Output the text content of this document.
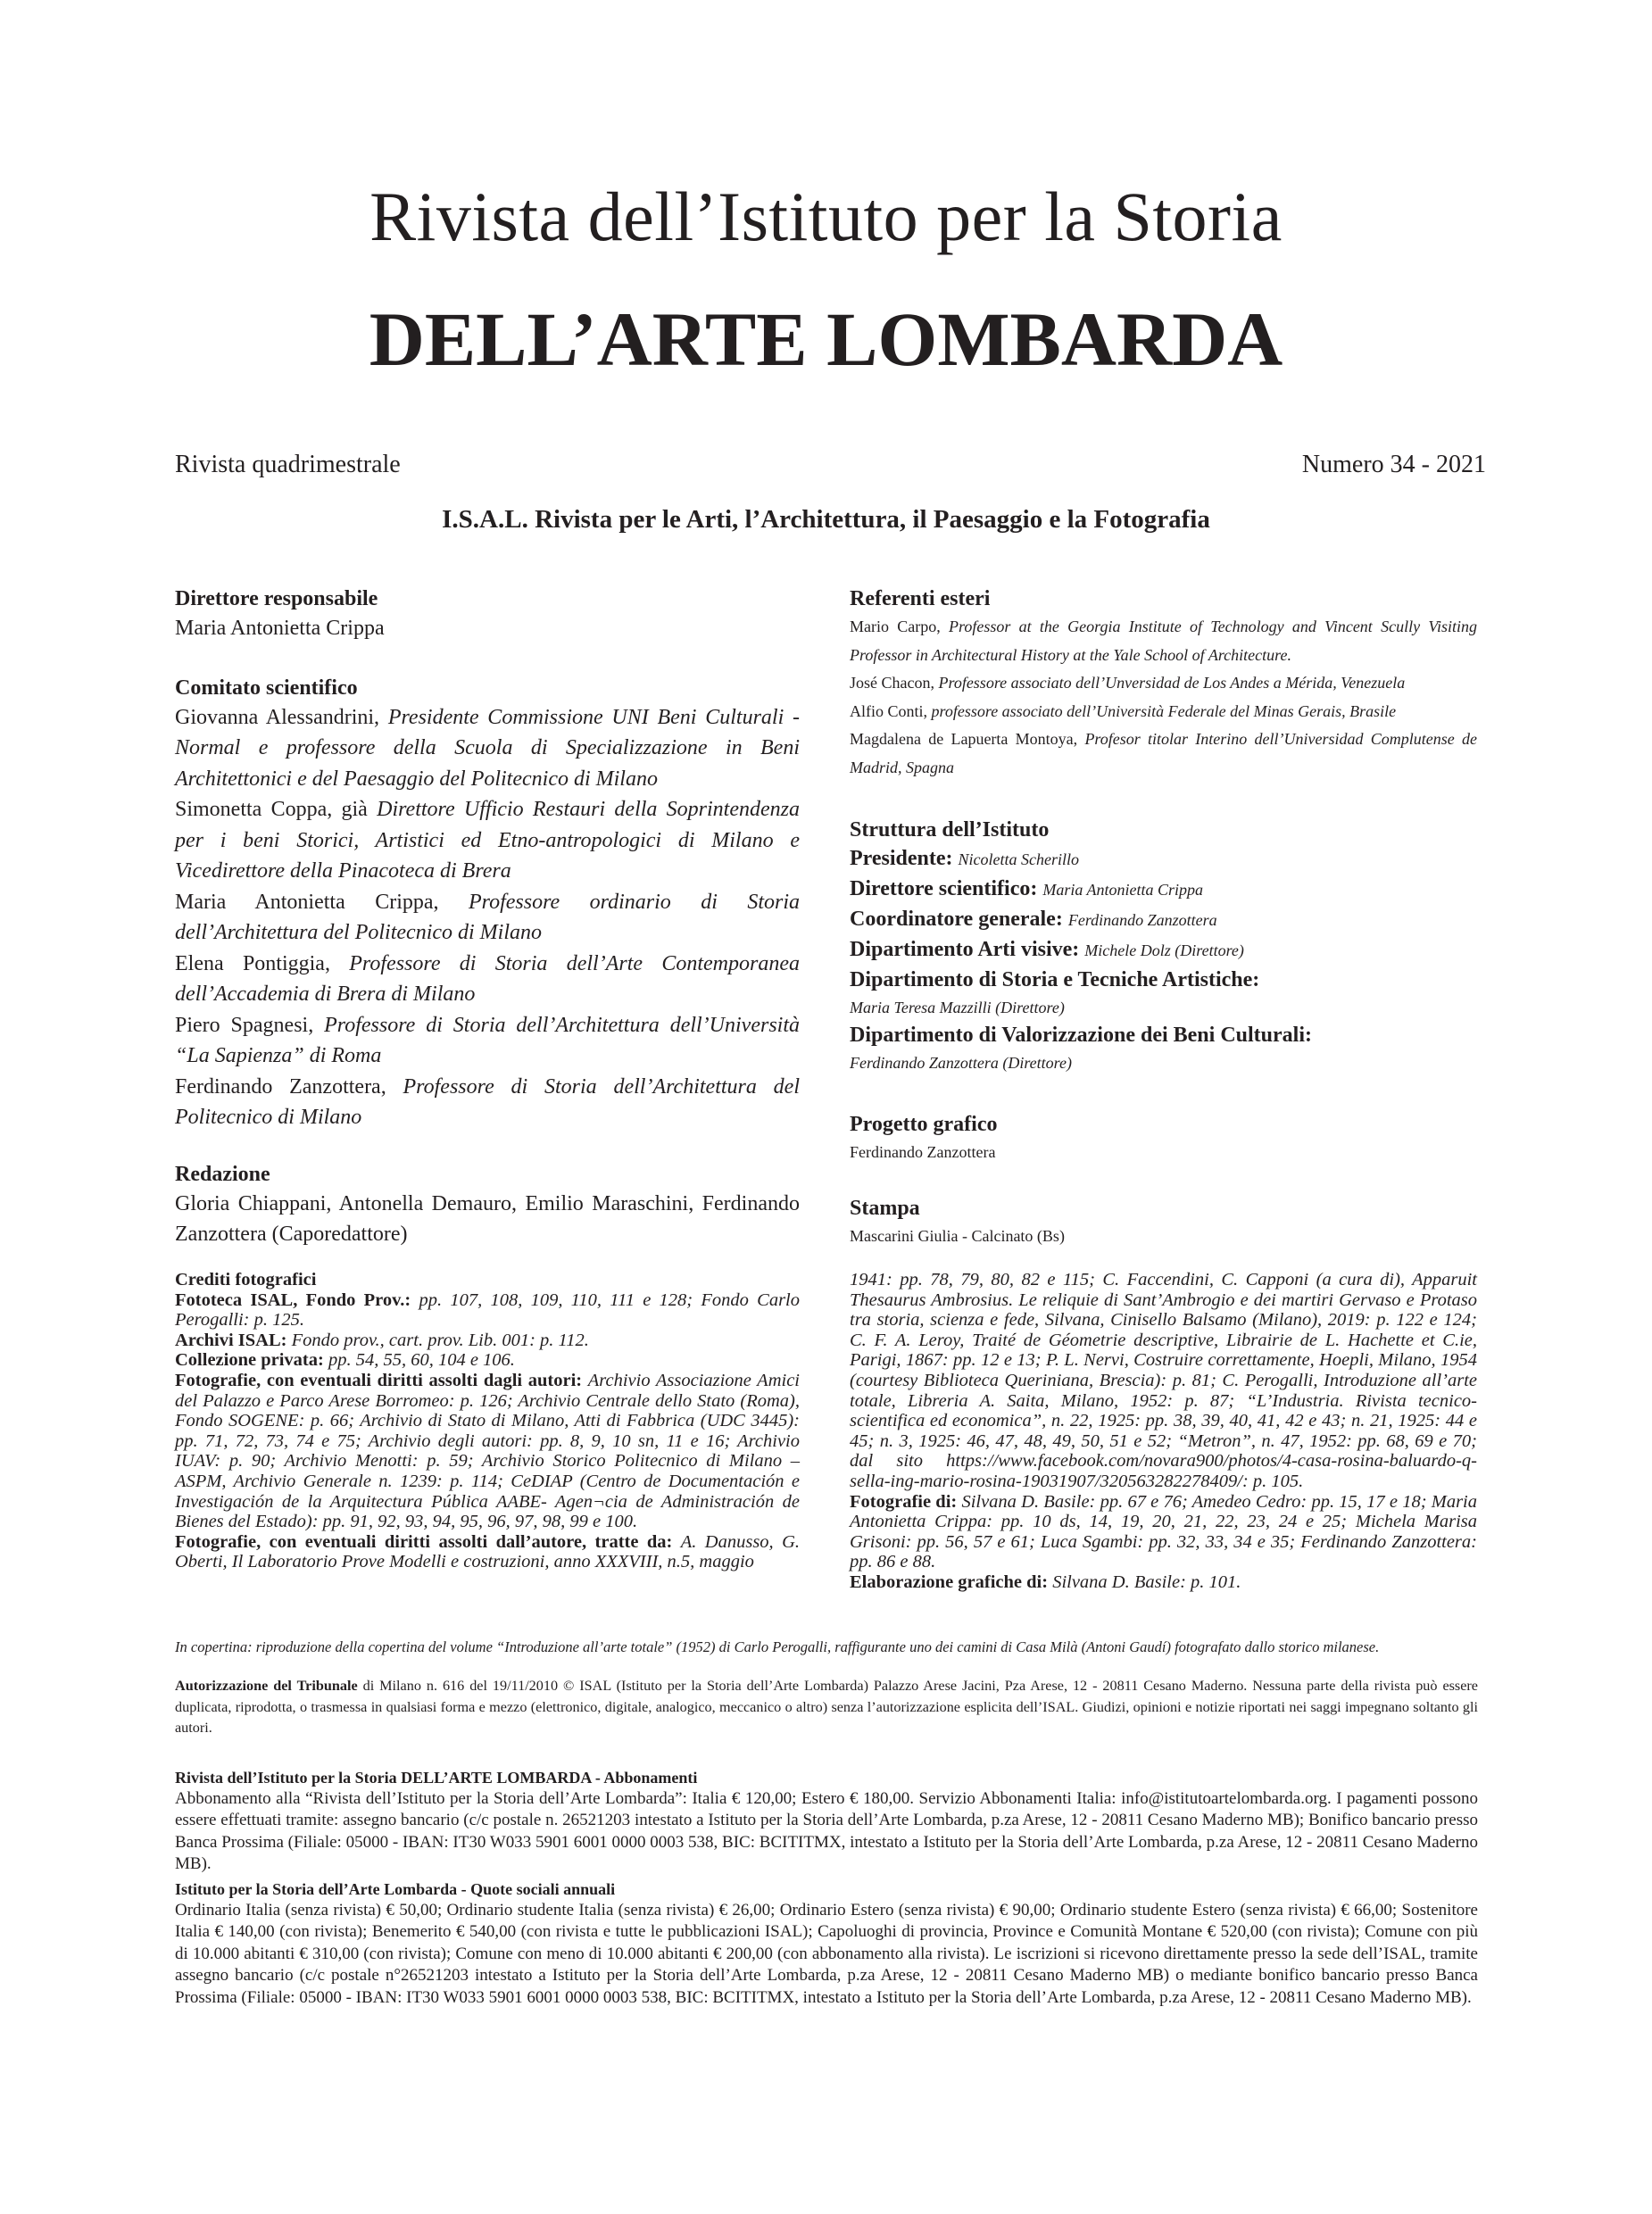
Rivista dell’Istituto per la Storia
DELL’ARTE LOMBARDA
Rivista quadrimestrale	Numero 34 - 2021
I.S.A.L. Rivista per le Arti, l’Architettura, il Paesaggio e la Fotografia
Direttore responsabile
Maria Antonietta Crippa
Comitato scientifico

Giovanna Alessandrini, Presidente Commissione UNI Beni Culturali - Normal e professore della Scuola di Specializzazione in Beni Architettonici e del Paesaggio del Politecnico di Milano

Simonetta Coppa, già Direttore Ufficio Restauri della Soprintendenza per i beni Storici, Artistici ed Etno-antropologici di Milano e Vicedirettore della Pinacoteca di Brera

Maria Antonietta Crippa, Professore ordinario di Storia dell’Architettura del Politecnico di Milano

Elena Pontiggia, Professore di Storia dell’Arte Contemporanea dell’Accademia di Brera di Milano

Piero Spagnesi, Professore di Storia dell’Architettura dell’Università “La Sapienza” di Roma

Ferdinando Zanzottera, Professore di Storia dell’Architettura del Politecnico di Milano

Redazione

Gloria Chiappani, Antonella Demauro, Emilio Maraschini, Ferdinando Zanzottera (Caporedattore)

Referenti esteri

Mario Carpo, Professor at the Georgia Institute of Technology and Vincent Scully Visiting Professor in Architectural History at the Yale School of Architecture.

José Chacon, Professore associato dell’Unversidad de Los Andes a Mérida, Venezuela

Alfio Conti, professore associato dell’Università Federale del Minas Gerais, Brasile

Magdalena de Lapuerta Montoya, Profesor titolar Interino dell’Universidad Complutense de Madrid, Spagna

Struttura dell’Istituto
Presidente: Nicoletta Scherillo
Direttore scientifico: Maria Antonietta Crippa
Coordinatore generale: Ferdinando Zanzottera
Dipartimento Arti visive: Michele Dolz (Direttore)
Dipartimento di Storia e Tecniche Artistiche:
Maria Teresa Mazzilli (Direttore)
Dipartimento di Valorizzazione dei Beni Culturali:
Ferdinando Zanzottera (Direttore)
Progetto grafico
Ferdinando Zanzottera
Stampa
Mascarini Giulia - Calcinato (Bs)
Crediti fotografici

Fototeca ISAL, Fondo Prov.: pp. 107, 108, 109, 110, 111 e 128; Fondo Carlo Perogalli: p. 125.

Archivi ISAL: Fondo prov., cart. prov. Lib. 001: p. 112.

Collezione privata: pp. 54, 55, 60, 104 e 106.

Fotografie, con eventuali diritti assolti dagli autori: Archivio Associazione Amici del Palazzo e Parco Arese Borromeo: p. 126; Archivio Centrale dello Stato (Roma), Fondo SOGENE: p. 66; Archivio di Stato di Milano, Atti di Fabbrica (UDC 3445): pp. 71, 72, 73, 74 e 75; Archivio degli autori: pp. 8, 9, 10 sn, 11 e 16; Archivio IUAV: p. 90; Archivio Menotti: p. 59; Archivio Storico Politecnico di Milano – ASPM, Archivio Generale n. 1239: p. 114; CeDIAP (Centro de Documentación e Investigación de la Arquitectura Pública AABE- Agen¬cia de Administración de Bienes del Estado): pp. 91, 92, 93, 94, 95, 96, 97, 98, 99 e 100.

Fotografie, con eventuali diritti assolti dall’autore, tratte da: A. Danusso, G. Oberti, Il Laboratorio Prove Modelli e costruzioni, anno XXXVIII, n.5, maggio

1941: pp. 78, 79, 80, 82 e 115; C. Faccendini, C. Capponi (a cura di), Apparuit Thesaurus Ambrosius. Le reliquie di Sant’Ambrogio e dei martiri Gervaso e Protaso tra storia, scienza e fede, Silvana, Cinisello Balsamo (Milano), 2019: p. 122 e 124; C. F. A. Leroy, Traité de Géometrie descriptive, Librairie de L. Hachette et C.ie, Parigi, 1867: pp. 12 e 13; P. L. Nervi, Costruire correttamente, Hoepli, Milano, 1954 (courtesy Biblioteca Queriniana, Brescia): p. 81; C. Perogalli, Introduzione all’arte totale, Libreria A. Saita, Milano, 1952: p. 87; “L’Industria. Rivista tecnico-scientifica ed economica”, n. 22, 1925: pp. 38, 39, 40, 41, 42 e 43; n. 21, 1925: 44 e 45; n. 3, 1925: 46, 47, 48, 49, 50, 51 e 52; “Metron”, n. 47, 1952: pp. 68, 69 e 70; dal sito https://www.facebook.com/novara900/photos/4-casa-rosina-baluardo-q-sella-ing-mario-rosina-19031907/320563282278409/: p. 105.

Fotografie di: Silvana D. Basile: pp. 67 e 76; Amedeo Cedro: pp. 15, 17 e 18; Maria Antonietta Crippa: pp. 10 ds, 14, 19, 20, 21, 22, 23, 24 e 25; Michela Marisa Grisoni: pp. 56, 57 e 61; Luca Sgambi: pp. 32, 33, 34 e 35; Ferdinando Zanzottera: pp. 86 e 88.

Elaborazione grafiche di: Silvana D. Basile: p. 101.

In copertina: riproduzione della copertina del volume “Introduzione all’arte totale” (1952) di Carlo Perogalli, raffigurante uno dei camini di Casa Milà (Antoni Gaudí) fotografato dallo storico milanese.
Autorizzazione del Tribunale di Milano n. 616 del 19/11/2010 © ISAL (Istituto per la Storia dell’Arte Lombarda) Palazzo Arese Jacini, Pza Arese, 12 - 20811 Cesano Maderno. Nessuna parte della rivista può essere duplicata, riprodotta, o trasmessa in qualsiasi forma e mezzo (elettronico, digitale, analogico, meccanico o altro) senza l’autorizzazione esplicita dell’ISAL. Giudizi, opinioni e notizie riportati nei saggi impegnano soltanto gli autori.
Rivista dell’Istituto per la Storia DELL’ARTE LOMBARDA - Abbonamenti

Abbonamento alla “Rivista dell’Istituto per la Storia dell’Arte Lombarda”: Italia € 120,00; Estero € 180,00. Servizio Abbonamenti Italia: info@istitutoartelombarda.org. I pagamenti possono essere effettuati tramite: assegno bancario (c/c postale n. 26521203 intestato a Istituto per la Storia dell’Arte Lombarda, p.za Arese, 12 - 20811 Cesano Maderno MB); Bonifico bancario presso Banca Prossima (Filiale: 05000 - IBAN: IT30 W033 5901 6001 0000 0003 538, BIC: BCITITMX, intestato a Istituto per la Storia dell’Arte Lombarda, p.za Arese, 12 - 20811 Cesano Maderno MB).

Istituto per la Storia dell’Arte Lombarda - Quote sociali annuali

Ordinario Italia (senza rivista) € 50,00; Ordinario studente Italia (senza rivista) € 26,00; Ordinario Estero (senza rivista) € 90,00; Ordinario studente Estero (senza rivista) € 66,00; Sostenitore Italia € 140,00 (con rivista); Benemerito € 540,00 (con rivista e tutte le pubblicazioni ISAL); Capoluoghi di provincia, Province e Comunità Montane € 520,00 (con rivista); Comune con più di 10.000 abitanti € 310,00 (con rivista); Comune con meno di 10.000 abitanti € 200,00 (con abbonamento alla rivista). Le iscrizioni si ricevono direttamente presso la sede dell’ISAL, tramite assegno bancario (c/c postale n°26521203 intestato a Istituto per la Storia dell’Arte Lombarda, p.za Arese, 12 - 20811 Cesano Maderno MB) o mediante bonifico bancario presso Banca Prossima (Filiale: 05000 - IBAN: IT30 W033 5901 6001 0000 0003 538, BIC: BCITITMX, intestato a Istituto per la Storia dell’Arte Lombarda, p.za Arese, 12 - 20811 Cesano Maderno MB).
